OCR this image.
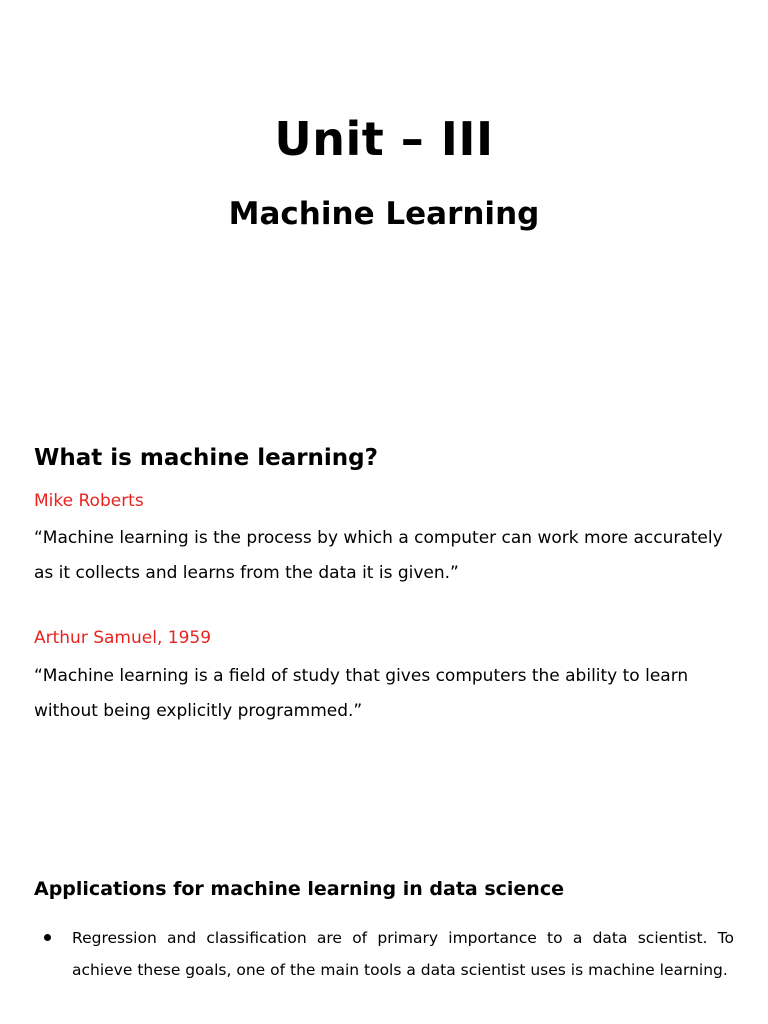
Unit – III
Machine Learning
What is machine learning?
Mike Roberts
“Machine learning is the process by which a computer can work more accurately as it collects and learns from the data it is given.”
Arthur Samuel, 1959
“Machine learning is a field of study that gives computers the ability to learn without being explicitly programmed.”
Applications for machine learning in data science
Regression and classification are of primary importance to a data scientist. To achieve these goals, one of the main tools a data scientist uses is machine learning.
